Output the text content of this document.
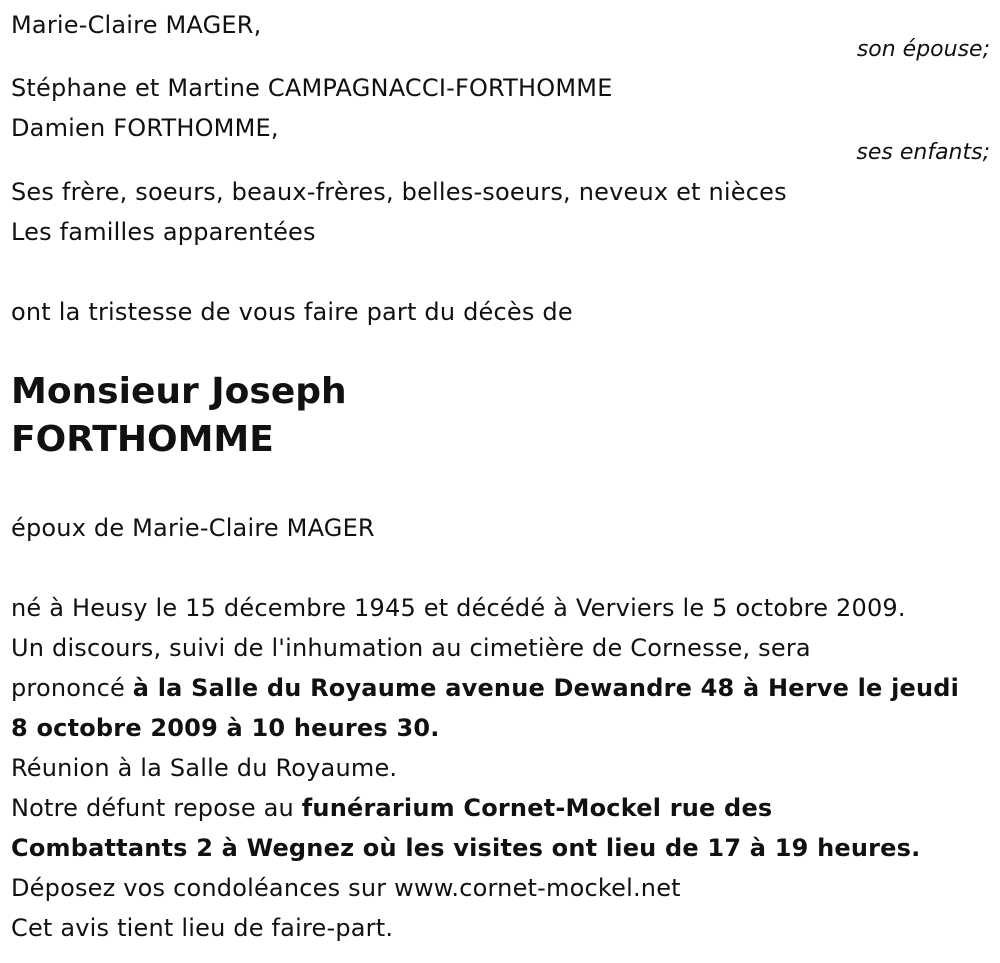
Marie-Claire MAGER,
son épouse;
Stéphane et Martine CAMPAGNACCI-FORTHOMME
Damien FORTHOMME,
ses enfants;
Ses frère, soeurs, beaux-frères, belles-soeurs, neveux et nièces
Les familles apparentées
ont la tristesse de vous faire part du décès de
Monsieur Joseph
FORTHOMME
époux de Marie-Claire MAGER
né à Heusy le 15 décembre 1945 et décédé à Verviers le 5 octobre 2009.
Un discours, suivi de l'inhumation au cimetière de Cornesse, sera
prononcé à la Salle du Royaume avenue Dewandre 48 à Herve le jeudi
8 octobre 2009 à 10 heures 30.
Réunion à la Salle du Royaume.
Notre défunt repose au funérarium Cornet-Mockel rue des
Combattants 2 à Wegnez où les visites ont lieu de 17 à 19 heures.
Déposez vos condoléances sur www.cornet-mockel.net
Cet avis tient lieu de faire-part.
